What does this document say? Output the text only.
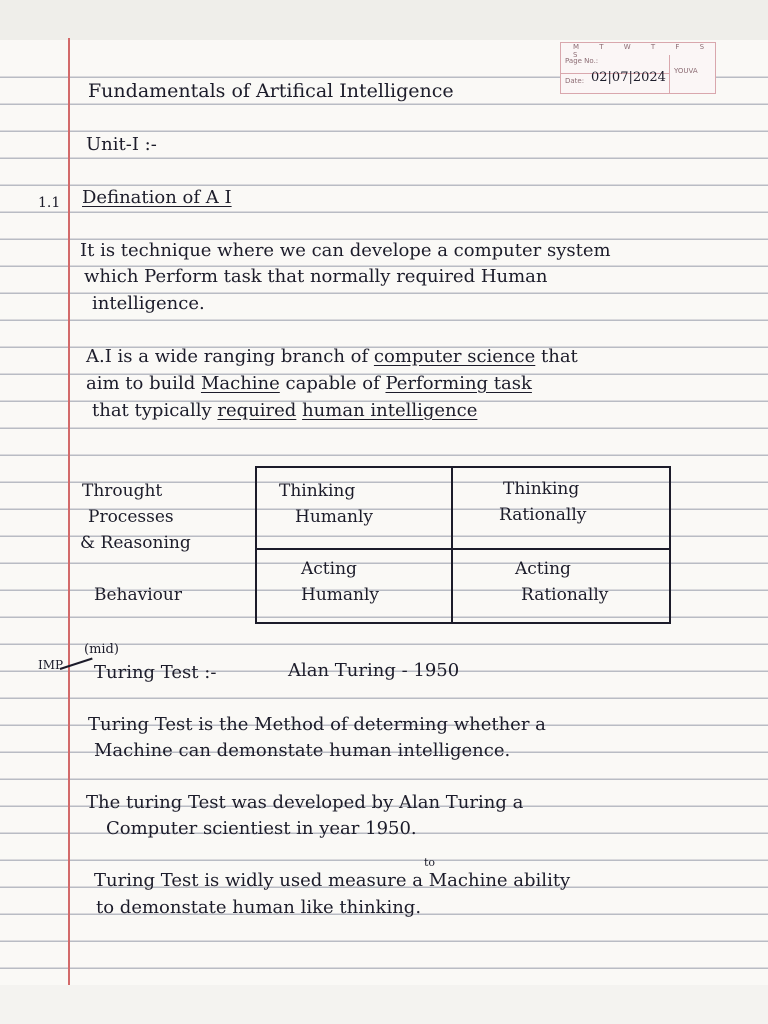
M T W T F S S
Page No.:
Date: 02|07|2024 YOUVA
Fundamentals of Artifical Intelligence
Unit-I :-
1.1 Defination of A I
It is technique where we can develope a computer system
which Perform task that normally required Human
intelligence.
A.I is a wide ranging branch of computer science that
aim to build Machine capable of Performing task
that typically required human intelligence
Throught
Processes
& Reasoning
Behaviour
Thinking
Humanly
Thinking
Rationally
Acting
Humanly
Acting
Rationally
IMP
(mid)
Turing Test :-	Alan Turing - 1950
Turing Test is the Method of determing whether a
Machine can demonstate human intelligence.
The turing Test was developed by Alan Turing a
Computer scientiest in year 1950.
to
Turing Test is widly used measure a Machine ability
to demonstate human like thinking.
